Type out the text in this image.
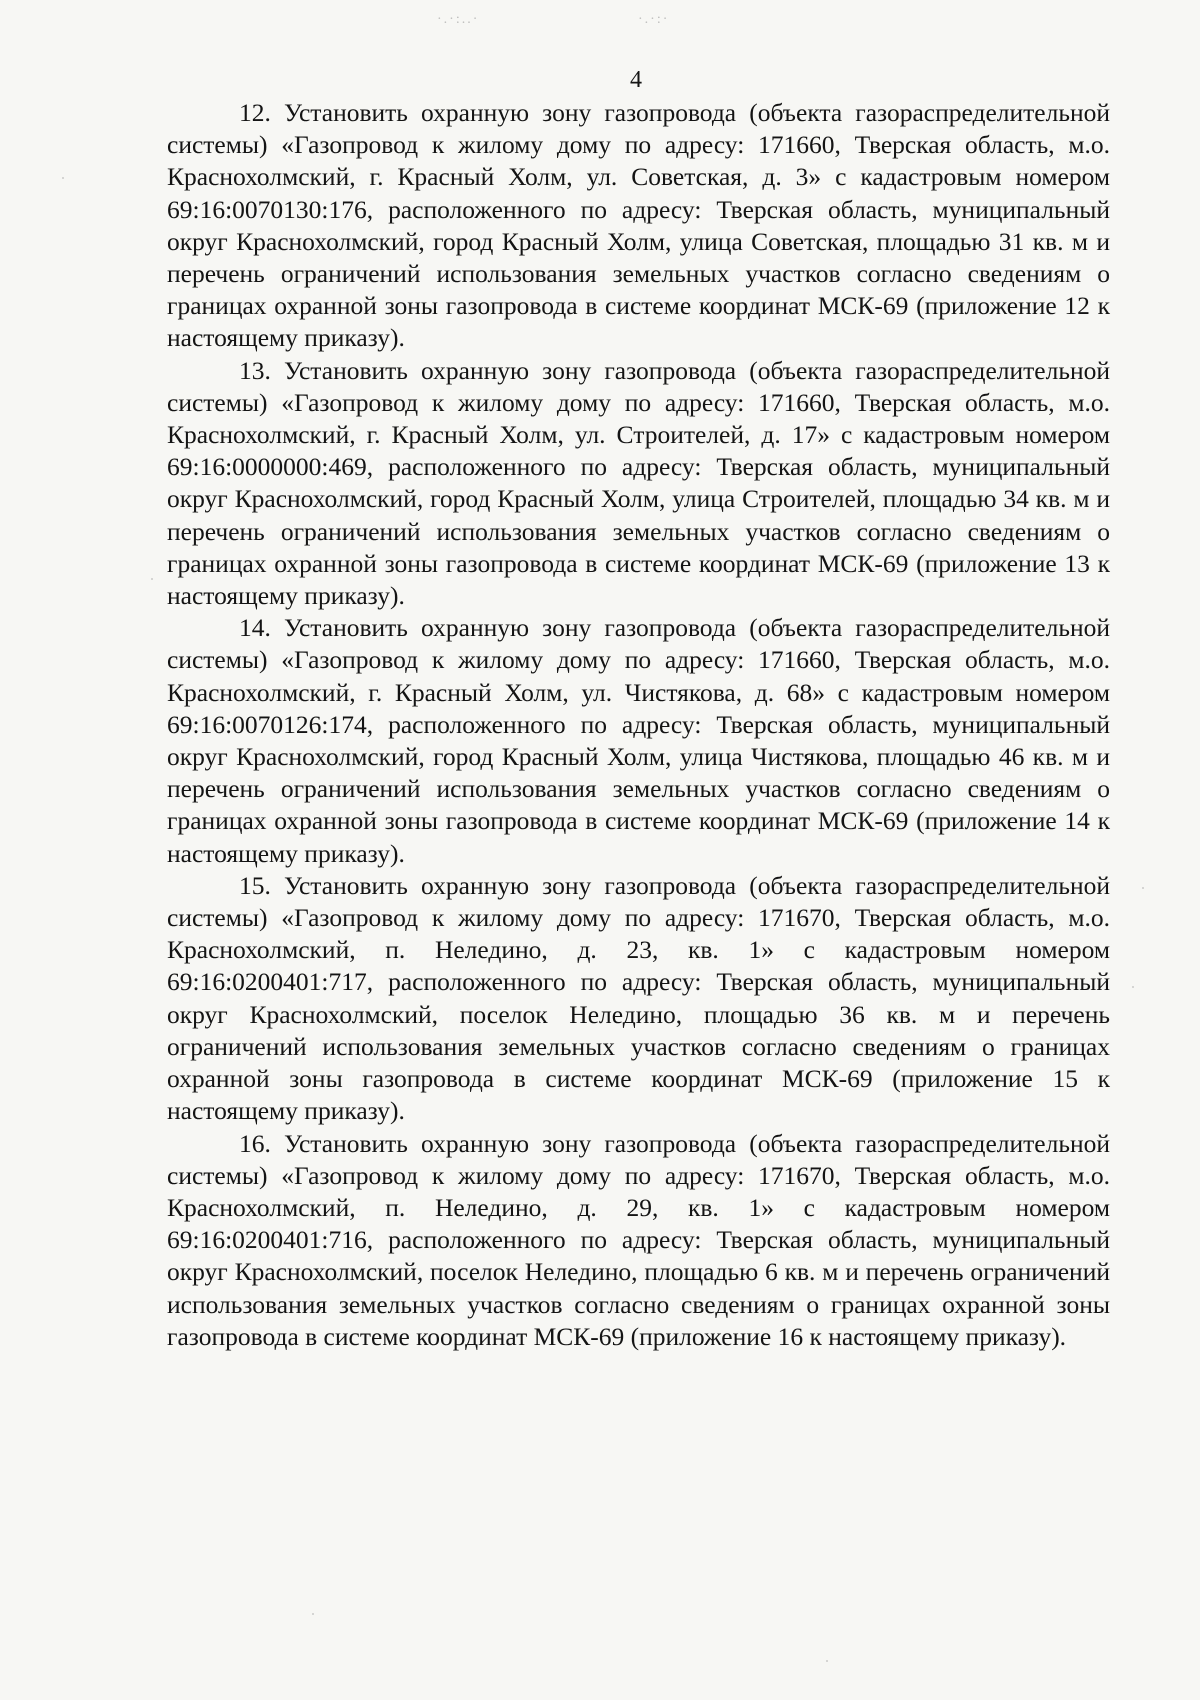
·.·:..·	·.·:·
4

12. Установить охранную зону газопровода (объекта газораспределительной системы) «Газопровод к жилому дому по адресу: 171660, Тверская область, м.о. Краснохолмский, г. Красный Холм, ул. Советская, д. 3» с кадастровым номером 69:16:0070130:176, расположенного по адресу: Тверская область, муниципальный округ Краснохолмский, город Красный Холм, улица Советская, площадью 31 кв. м и перечень ограничений использования земельных участков согласно сведениям о границах охранной зоны газопровода в системе координат МСК-69 (приложение 12 к настоящему приказу).

13. Установить охранную зону газопровода (объекта газораспределительной системы) «Газопровод к жилому дому по адресу: 171660, Тверская область, м.о. Краснохолмский, г. Красный Холм, ул. Строителей, д. 17» с кадастровым номером 69:16:0000000:469, расположенного по адресу: Тверская область, муниципальный округ Краснохолмский, город Красный Холм, улица Строителей, площадью 34 кв. м и перечень ограничений использования земельных участков согласно сведениям о границах охранной зоны газопровода в системе координат МСК-69 (приложение 13 к настоящему приказу).

14. Установить охранную зону газопровода (объекта газораспределительной системы) «Газопровод к жилому дому по адресу: 171660, Тверская область, м.о. Краснохолмский, г. Красный Холм, ул. Чистякова, д. 68» с кадастровым номером 69:16:0070126:174, расположенного по адресу: Тверская область, муниципальный округ Краснохолмский, город Красный Холм, улица Чистякова, площадью 46 кв. м и перечень ограничений использования земельных участков согласно сведениям о границах охранной зоны газопровода в системе координат МСК-69 (приложение 14 к настоящему приказу).

15. Установить охранную зону газопровода (объекта газораспределительной системы) «Газопровод к жилому дому по адресу: 171670, Тверская область, м.о. Краснохолмский, п. Неледино, д. 23, кв. 1» с кадастровым номером 69:16:0200401:717, расположенного по адресу: Тверская область, муниципальный округ Краснохолмский, поселок Неледино, площадью 36 кв. м и перечень ограничений использования земельных участков согласно сведениям о границах охранной зоны газопровода в системе координат МСК-69 (приложение 15 к настоящему приказу).

16. Установить охранную зону газопровода (объекта газораспределительной системы) «Газопровод к жилому дому по адресу: 171670, Тверская область, м.о. Краснохолмский, п. Неледино, д. 29, кв. 1» с кадастровым номером 69:16:0200401:716, расположенного по адресу: Тверская область, муниципальный округ Краснохолмский, поселок Неледино, площадью 6 кв. м и перечень ограничений использования земельных участков согласно сведениям о границах охранной зоны газопровода в системе координат МСК-69 (приложение 16 к настоящему приказу).
